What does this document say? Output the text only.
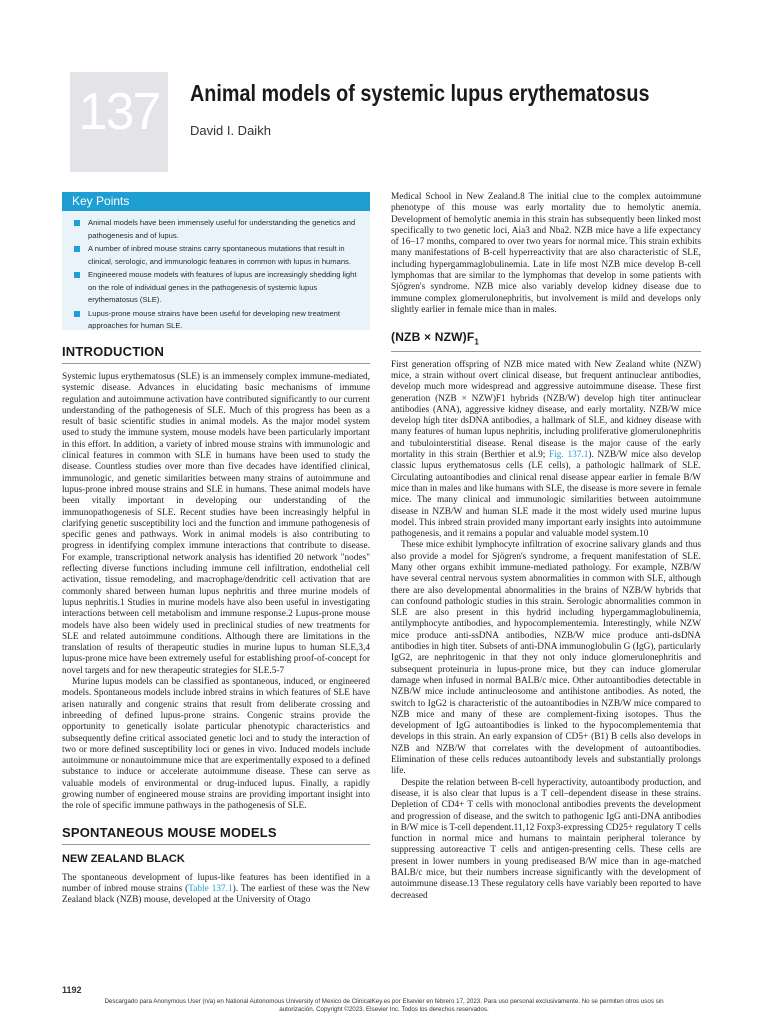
137	Animal models of systemic lupus erythematosus
David I. Daikh
Key Points
Animal models have been immensely useful for understanding the genetics and pathogenesis and of lupus.
A number of inbred mouse strains carry spontaneous mutations that result in clinical, serologic, and immunologic features in common with lupus in humans.
Engineered mouse models with features of lupus are increasingly shedding light on the role of individual genes in the pathogenesis of systemic lupus erythematosus (SLE).
Lupus-prone mouse strains have been useful for developing new treatment approaches for human SLE.
INTRODUCTION

Systemic lupus erythematosus (SLE) is an immensely complex immune-mediated, systemic disease. Advances in elucidating basic mechanisms of immune regulation and autoimmune activation have contributed significantly to our current understanding of the pathogenesis of SLE. Much of this progress has been as a result of basic scientific studies in animal models. As the major model system used to study the immune system, mouse models have been particularly important in this effort. In addition, a variety of inbred mouse strains with immunologic and clinical features in common with SLE in humans have been used to study the disease. Countless studies over more than five decades have identified clinical, immunologic, and genetic similarities between many strains of autoimmune and lupus-prone inbred mouse strains and SLE in humans. These animal models have been vitally important in developing our understanding of the immunopathogenesis of SLE. Recent studies have been increasingly helpful in clarifying genetic susceptibility loci and the function and immune pathogenesis of specific genes and pathways. Work in animal models is also contributing to progress in identifying complex immune interactions that contribute to disease. For example, transcriptional network analysis has identified 20 network "nodes" reflecting diverse functions including immune cell infiltration, endothelial cell activation, tissue remodeling, and macrophage/dendritic cell activation that are commonly shared between human lupus nephritis and three murine models of lupus nephritis.1 Studies in murine models have also been useful in investigating interactions between cell metabolism and immune response.2 Lupus-prone mouse models have also been widely used in preclinical studies of new treatments for SLE and related autoimmune conditions. Although there are limitations in the translation of results of therapeutic studies in murine lupus to human SLE,3,4 lupus-prone mice have been extremely useful for establishing proof-of-concept for novel targets and for new therapeutic strategies for SLE.5-7

Murine lupus models can be classified as spontaneous, induced, or engineered models. Spontaneous models include inbred strains in which features of SLE have arisen naturally and congenic strains that result from deliberate crossing and inbreeding of defined lupus-prone strains. Congenic strains provide the opportunity to genetically isolate particular phenotypic characteristics and subsequently define critical associated genetic loci and to study the interaction of two or more defined susceptibility loci or genes in vivo. Induced models include autoimmune or nonautoimmune mice that are experimentally exposed to a defined substance to induce or accelerate autoimmune disease. These can serve as valuable models of environmental or drug-induced lupus. Finally, a rapidly growing number of engineered mouse strains are providing important insight into the role of specific immune pathways in the pathogenesis of SLE.

SPONTANEOUS MOUSE MODELS
NEW ZEALAND BLACK

The spontaneous development of lupus-like features has been identified in a number of inbred mouse strains (Table 137.1). The earliest of these was the New Zealand black (NZB) mouse, developed at the University of Otago

Medical School in New Zealand.8 The initial clue to the complex autoimmune phenotype of this mouse was early mortality due to hemolytic anemia. Development of hemolytic anemia in this strain has subsequently been linked most specifically to two genetic loci, Aia3 and Nba2. NZB mice have a life expectancy of 16–17 months, compared to over two years for normal mice. This strain exhibits many manifestations of B-cell hyperreactivity that are also characteristic of SLE, including hypergammaglobulinemia. Late in life most NZB mice develop B-cell lymphomas that are similar to the lymphomas that develop in some patients with Sjögren's syndrome. NZB mice also variably develop kidney disease due to immune complex glomerulonephritis, but involvement is mild and develops only slightly earlier in female mice than in males.

$(NZB \times NZW)F_1$

First generation offspring of NZB mice mated with New Zealand white (NZW) mice, a strain without overt clinical disease, but frequent antinuclear antibodies, develop much more widespread and aggressive autoimmune disease. These first generation (NZB × NZW)F1 hybrids (NZB/W) develop high titer antinuclear antibodies (ANA), aggressive kidney disease, and early mortality. NZB/W mice develop high titer dsDNA antibodies, a hallmark of SLE, and kidney disease with many features of human lupus nephritis, including proliferative glomerulonephritis and tubulointerstitial disease. Renal disease is the major cause of the early mortality in this strain (Berthier et al.9; Fig. 137.1). NZB/W mice also develop classic lupus erythematosus cells (LE cells), a pathologic hallmark of SLE. Circulating autoantibodies and clinical renal disease appear earlier in female B/W mice than in males and like humans with SLE, the disease is more severe in female mice. The many clinical and immunologic similarities between autoimmune disease in NZB/W and human SLE made it the most widely used murine lupus model. This inbred strain provided many important early insights into autoimmune pathogenesis, and it remains a popular and valuable model system.10

These mice exhibit lymphocyte infiltration of exocrine salivary glands and thus also provide a model for Sjögren's syndrome, a frequent manifestation of SLE. Many other organs exhibit immune-mediated pathology. For example, NZB/W have several central nervous system abnormalities in common with SLE, although there are also developmental abnormalities in the brains of NZB/W hybrids that can confound pathologic studies in this strain. Serologic abnormalities common in SLE are also present in this hydrid including hypergammaglobulinemia, antilymphocyte antibodies, and hypocomplementemia. Interestingly, while NZW mice produce anti-ssDNA antibodies, NZB/W mice produce anti-dsDNA antibodies in high titer. Subsets of anti-DNA immunoglobulin G (IgG), particularly IgG2, are nephritogenic in that they not only induce glomerulonephritis and subsequent proteinuria in lupus-prone mice, but they can induce glomerular damage when infused in normal BALB/c mice. Other autoantibodies detectable in NZB/W mice include antinucleosome and antihistone antibodies. As noted, the switch to IgG2 is characteristic of the autoantibodies in NZB/W mice compared to NZB mice and many of these are complement-fixing isotopes. Thus the development of IgG autoantibodies is linked to the hypocomplementemia that develops in this strain. An early expansion of CD5+ (B1) B cells also develops in NZB and NZB/W that correlates with the development of autoantibodies. Elimination of these cells reduces autoantibody levels and substantially prolongs life.

Despite the relation between B-cell hyperactivity, autoantibody production, and disease, it is also clear that lupus is a T cell–dependent disease in these strains. Depletion of CD4+ T cells with monoclonal antibodies prevents the development and progression of disease, and the switch to pathogenic IgG anti-DNA antibodies in B/W mice is T-cell dependent.11,12 Foxp3-expressing CD25+ regulatory T cells function in normal mice and humans to maintain peripheral tolerance by suppressing autoreactive T cells and antigen-presenting cells. These cells are present in lower numbers in young prediseased B/W mice than in age-matched BALB/c mice, but their numbers increase significantly with the development of autoimmune disease.13 These regulatory cells have variably been reported to have decreased

1192
Descargado para Anonymous User (n/a) en National Autonomous University of Mexico de ClinicalKey.es por Elsevier en febrero 17, 2023. Para uso personal exclusivamente. No se permiten otros usos sin autorización. Copyright ©2023. Elsevier Inc. Todos los derechos reservados.
